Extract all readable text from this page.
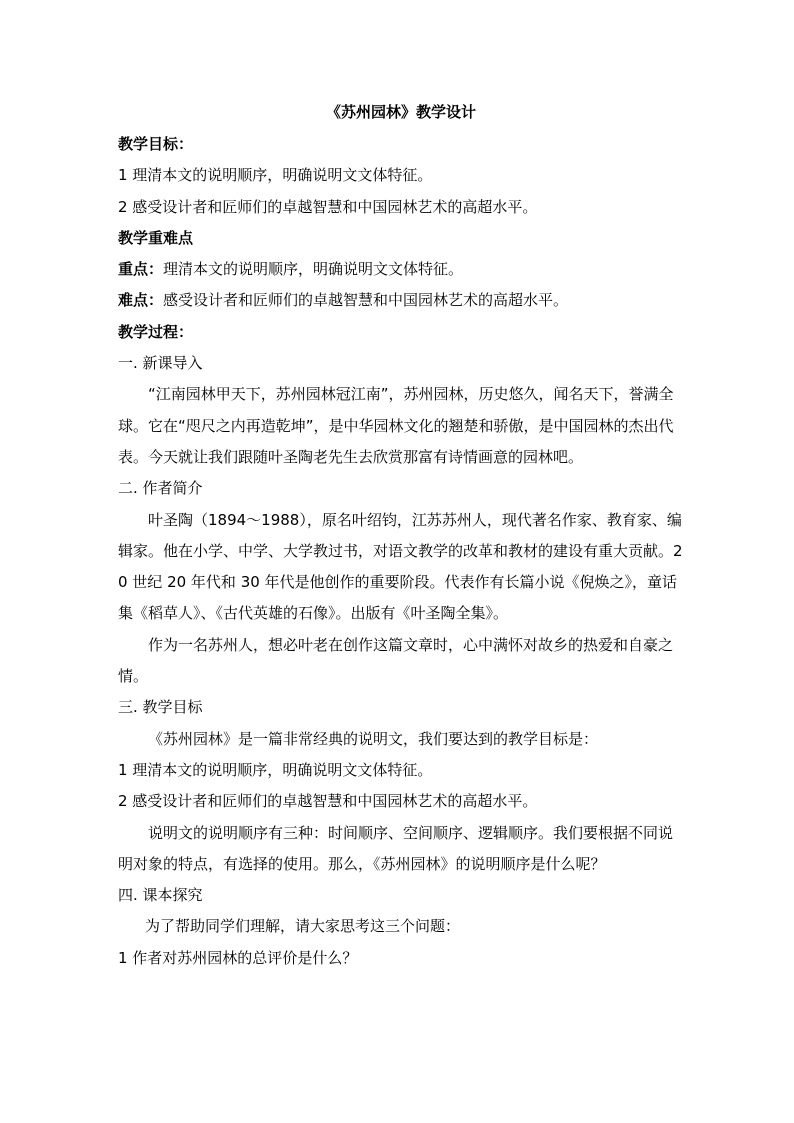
《苏州园林》教学设计

教学目标：

1 理清本文的说明顺序，明确说明文文体特征。

2 感受设计者和匠师们的卓越智慧和中国园林艺术的高超水平。

教学重难点

重点：理清本文的说明顺序，明确说明文文体特征。

难点：感受设计者和匠师们的卓越智慧和中国园林艺术的高超水平。

教学过程：

一. 新课导入

“江南园林甲天下，苏州园林冠江南”，苏州园林，历史悠久，闻名天下，誉满全球。它在“咫尺之内再造乾坤”，是中华园林文化的翘楚和骄傲，是中国园林的杰出代表。今天就让我们跟随叶圣陶老先生去欣赏那富有诗情画意的园林吧。

二. 作者简介

叶圣陶（1894～1988），原名叶绍钧，江苏苏州人，现代著名作家、教育家、编辑家。他在小学、中学、大学教过书，对语文教学的改革和教材的建设有重大贡献。20 世纪 20 年代和 30 年代是他创作的重要阶段。代表作有长篇小说《倪焕之》，童话集《稻草人》、《古代英雄的石像》。出版有《叶圣陶全集》。

作为一名苏州人，想必叶老在创作这篇文章时，心中满怀对故乡的热爱和自豪之情。

三. 教学目标

《苏州园林》是一篇非常经典的说明文，我们要达到的教学目标是：

1 理清本文的说明顺序，明确说明文文体特征。

2 感受设计者和匠师们的卓越智慧和中国园林艺术的高超水平。

说明文的说明顺序有三种：时间顺序、空间顺序、逻辑顺序。我们要根据不同说明对象的特点，有选择的使用。那么，《苏州园林》的说明顺序是什么呢？

四. 课本探究

为了帮助同学们理解，请大家思考这三个问题：

1 作者对苏州园林的总评价是什么？
